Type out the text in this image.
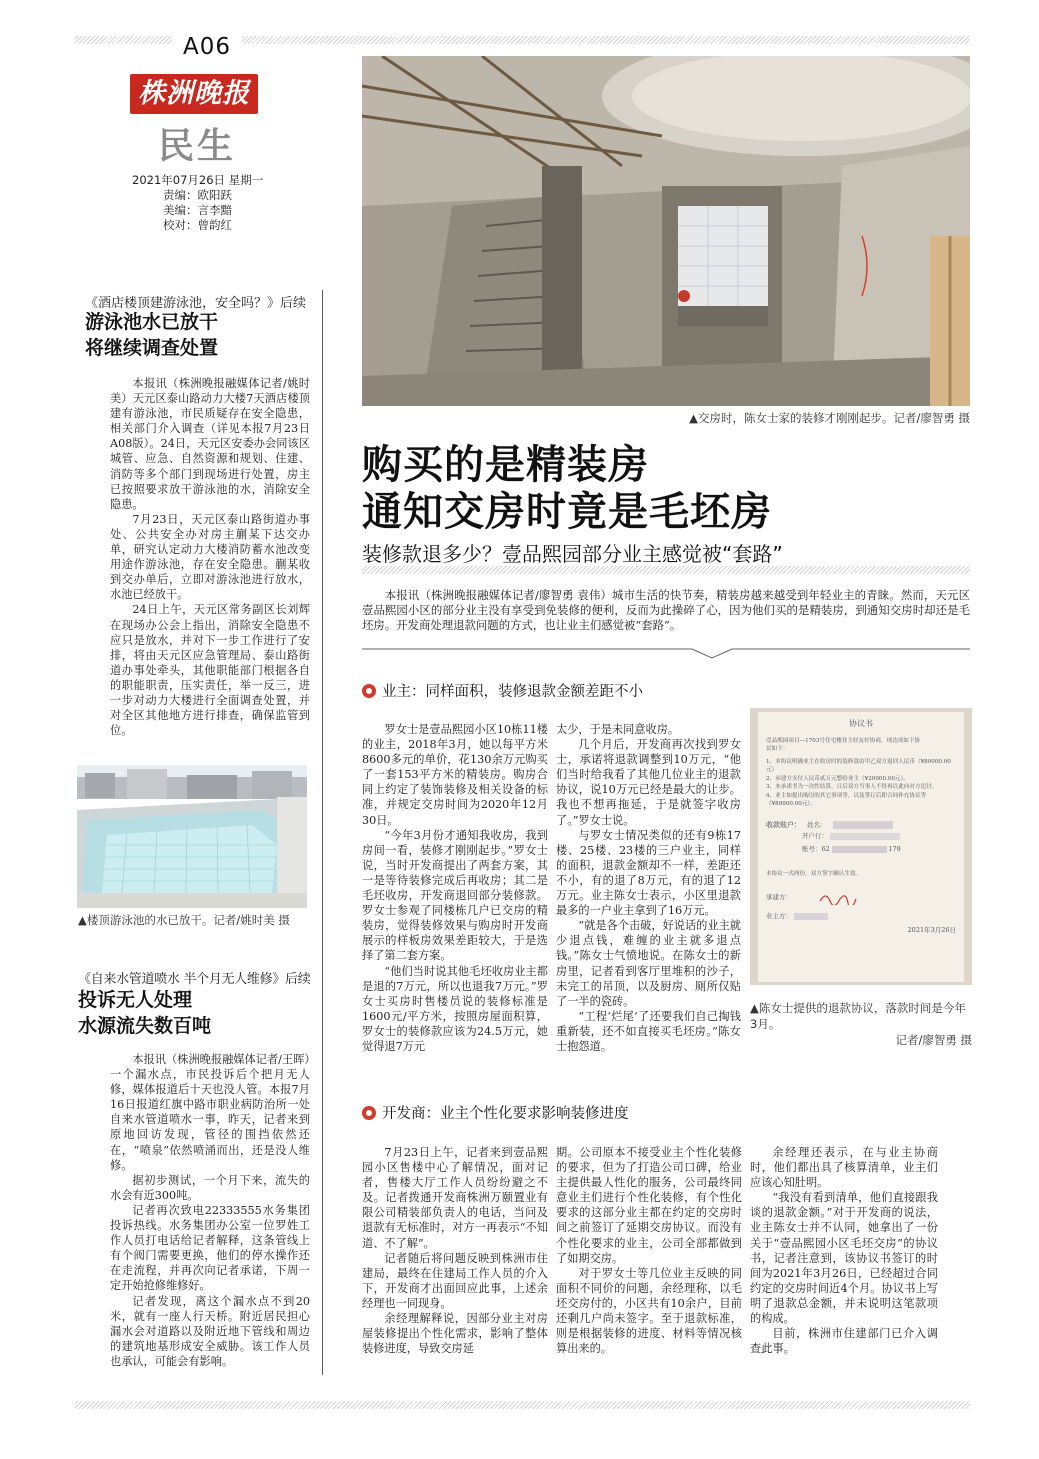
A06
株洲晚报
民生
2021年07月26日 星期一
责编：欧阳跃
美编：言李黯
校对：曾韵红
《酒店楼顶建游泳池，安全吗？》后续
游泳池水已放干
将继续调查处置

本报讯（株洲晚报融媒体记者/姚时美）天元区泰山路动力大楼7天酒店楼顶建有游泳池，市民质疑存在安全隐患，相关部门介入调查（详见本报7月23日A08版）。24日，天元区安委办会同该区城管、应急、自然资源和规划、住建、消防等多个部门到现场进行处置，房主已按照要求放干游泳池的水，消除安全隐患。

7月23日，天元区泰山路街道办事处、公共安全办对房主蒯某下达交办单，研究认定动力大楼消防蓄水池改变用途作游泳池，存在安全隐患。蒯某收到交办单后，立即对游泳池进行放水，水池已经放干。

24日上午，天元区常务副区长刘辉在现场办公会上指出，消除安全隐患不应只是放水，并对下一步工作进行了安排，将由天元区应急管理局、泰山路街道办事处牵头，其他职能部门根据各自的职能职责，压实责任，举一反三，进一步对动力大楼进行全面调查处置，并对全区其他地方进行排查，确保监管到位。

▲楼顶游泳池的水已放干。记者/姚时美 摄
《自来水管道喷水 半个月无人维修》后续
投诉无人处理
水源流失数百吨

本报讯（株洲晚报融媒体记者/王晖）一个漏水点，市民投诉后个把月无人修，媒体报道后十天也没人管。本报7月16日报道红旗中路市职业病防治所一处自来水管道喷水一事，昨天，记者来到原地回访发现，管径的围挡依然还在，“喷泉”依然喷涌而出，还是没人维修。

据初步测试，一个月下来，流失的水会有近300吨。

记者再次致电22333555水务集团投诉热线。水务集团办公室一位罗姓工作人员打电话给记者解释，这条管线上有个阀门需要更换，他们的停水操作还在走流程，并再次向记者承诺，下周一定开始抢修维修好。

记者发现，离这个漏水点不到20米，就有一座人行天桥。附近居民担心漏水会对道路以及附近地下管线和周边的建筑地基形成安全威胁。该工作人员也承认，可能会有影响。

▲交房时，陈女士家的装修才刚刚起步。记者/廖智勇 摄
购买的是精装房
通知交房时竟是毛坯房
装修款退多少？壹品熙园部分业主感觉被“套路”

本报讯（株洲晚报融媒体记者/廖智勇 袁伟）城市生活的快节奏，精装房越来越受到年轻业主的青睐。然而，天元区壹品熙园小区的部分业主没有享受到免装修的便利，反而为此操碎了心，因为他们买的是精装房，到通知交房时却还是毛坯房。开发商处理退款问题的方式，也让业主们感觉被“套路”。

业主：同样面积，装修退款金额差距不小

罗女士是壹品熙园小区10栋11楼的业主，2018年3月，她以每平方米8600多元的单价，花130余万元购买了一套153平方米的精装房。购房合同上约定了装饰装修及相关设备的标准，并规定交房时间为2020年12月30日。

“今年3月份才通知我收房，我到房间一看，装修才刚刚起步。”罗女士说，当时开发商提出了两套方案，其一是等待装修完成后再收房；其二是毛坯收房，开发商退回部分装修款。罗女士参观了同楼栋几户已交房的精装房，觉得装修效果与购房时开发商展示的样板房效果差距较大，于是选择了第二套方案。

“他们当时说其他毛坯收房业主都是退的7万元，所以也退我7万元。”罗女士买房时售楼员说的装修标准是1600元/平方米，按照房屋面积算，罗女士的装修款应该为24.5万元，她觉得退7万元

太少，于是未同意收房。

几个月后，开发商再次找到罗女士，承诺将退款调整到10万元，“他们当时给我看了其他几位业主的退款协议，说10万元已经是最大的让步。我也不想再拖延，于是就签字收房了。”罗女士说。

与罗女士情况类似的还有9栋17楼、25楼、23楼的三户业主，同样的面积，退款金额却不一样，差距还不小，有的退了8万元，有的退了12万元。业主陈女士表示，小区里退款最多的一户业主拿到了16万元。

“就是各个击破，好说话的业主就少退点钱，难缠的业主就多退点钱。”陈女士气愤地说。在陈女士的新房里，记者看到客厅里堆积的沙子，未完工的吊顶，以及厨房、厕所仅贴了一半的瓷砖。

“工程‘烂尾’了还要我们自己掏钱重新装，还不如直接买毛坯房。”陈女士抱怨道。

协议书
壹品熙园项目—1703号住宅楼业主经友好协商，现达成如下协
议如下：
1、本协议明确业主在收房时的装修款由甲乙双方退回人民币（¥80000.00元）
2、承建方支付人民币贰万元整给业主（¥20000.00元）。
3、本承诺书为一次性结算，日后双方当事人不得再以此向对方追讨。
4、业主如提出购房的其它事项等，以及签订后即合同补充协议等
（¥80000.00元）。
收款账户： 姓名：
开户行：
账号：62	179
本协议一式两份，双方签字确认生效。
承建方：
业主方：
2021年3月26日
▲陈女士提供的退款协议，落款时间是今年3月。
记者/廖智勇 摄
开发商：业主个性化要求影响装修进度

7月23日上午，记者来到壹品熙园小区售楼中心了解情况，面对记者，售楼大厅工作人员纷纷避之不及。记者拨通开发商株洲万颐置业有限公司精装部负责人的电话，当问及退款有无标准时，对方一再表示“不知道、不了解”。

记者随后将问题反映到株洲市住建局，最终在住建局工作人员的介入下，开发商才出面回应此事，上述余经理也一同现身。

余经理解释说，因部分业主对房屋装修提出个性化需求，影响了整体装修进度，导致交房延

期。公司原本不接受业主个性化装修的要求，但为了打造公司口碑，给业主提供最人性化的服务，公司最终同意业主们进行个性化装修，有个性化要求的这部分业主都在约定的交房时间之前签订了延期交房协议。而没有个性化要求的业主，公司全部都做到了如期交房。

对于罗女士等几位业主反映的同面积不同价的问题，余经理称，以毛坯交房付的，小区共有10余户，目前还剩几户尚未签字。至于退款标准，则是根据装修的进度、材料等情况核算出来的。

余经理还表示，在与业主协商时，他们都出具了核算清单，业主们应该心知肚明。

“我没有看到清单，他们直接跟我谈的退款金额。”对于开发商的说法，业主陈女士并不认同，她拿出了一份关于“壹品熙园小区毛坯交房”的协议书，记者注意到，该协议书签订的时间为2021年3月26日，已经超过合同约定的交房时间近4个月。协议书上写明了退款总金额，并未说明这笔款项的构成。

目前，株洲市住建部门已介入调查此事。
